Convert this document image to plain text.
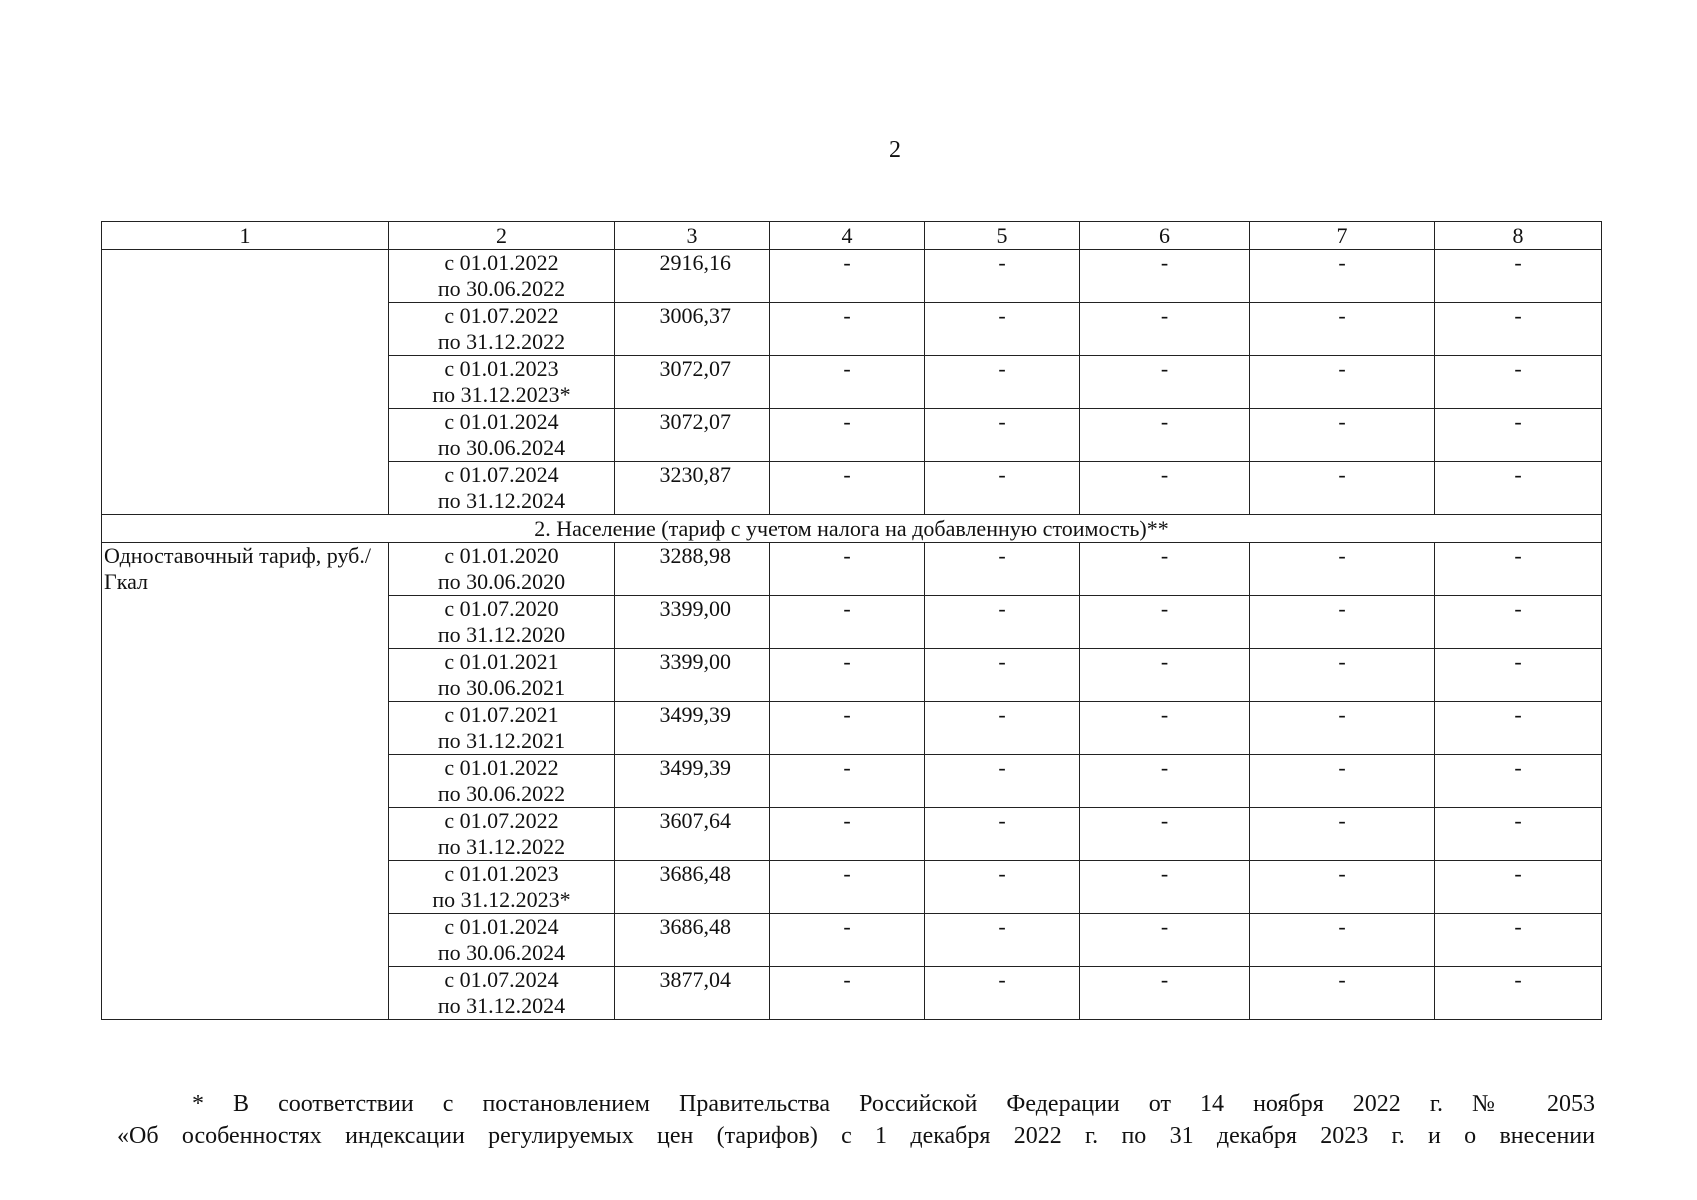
2
1	2	3	4	5	6	7	8

	с 01.01.2022
по 30.06.2022	2916,16	-	-	-	-	-

	с 01.07.2022
по 31.12.2022	3006,37	-	-	-	-	-

	с 01.01.2023
по 31.12.2023*	3072,07	-	-	-	-	-

	с 01.01.2024
по 30.06.2024	3072,07	-	-	-	-	-

	с 01.07.2024
по 31.12.2024	3230,87	-	-	-	-	-
2. Население (тариф с учетом налога на добавленную стоимость)**							
Одноставочный тариф, руб./Гкал	с 01.01.2020
по 30.06.2020	3288,98	-	-	-	-	-

	с 01.07.2020
по 31.12.2020	3399,00	-	-	-	-	-

	с 01.01.2021
по 30.06.2021	3399,00	-	-	-	-	-

	с 01.07.2021
по 31.12.2021	3499,39	-	-	-	-	-

	с 01.01.2022
по 30.06.2022	3499,39	-	-	-	-	-

	с 01.07.2022
по 31.12.2022	3607,64	-	-	-	-	-

	с 01.01.2023
по 31.12.2023*	3686,48	-	-	-	-	-

	с 01.01.2024
по 30.06.2024	3686,48	-	-	-	-	-

	с 01.07.2024
по 31.12.2024	3877,04	-	-	-	-	-
* В соответствии с постановлением Правительства Российской Федерации от 14 ноября 2022 г. № 2053
«Об особенностях индексации регулируемых цен (тарифов) с 1 декабря 2022 г. по 31 декабря 2023 г. и о внесении
